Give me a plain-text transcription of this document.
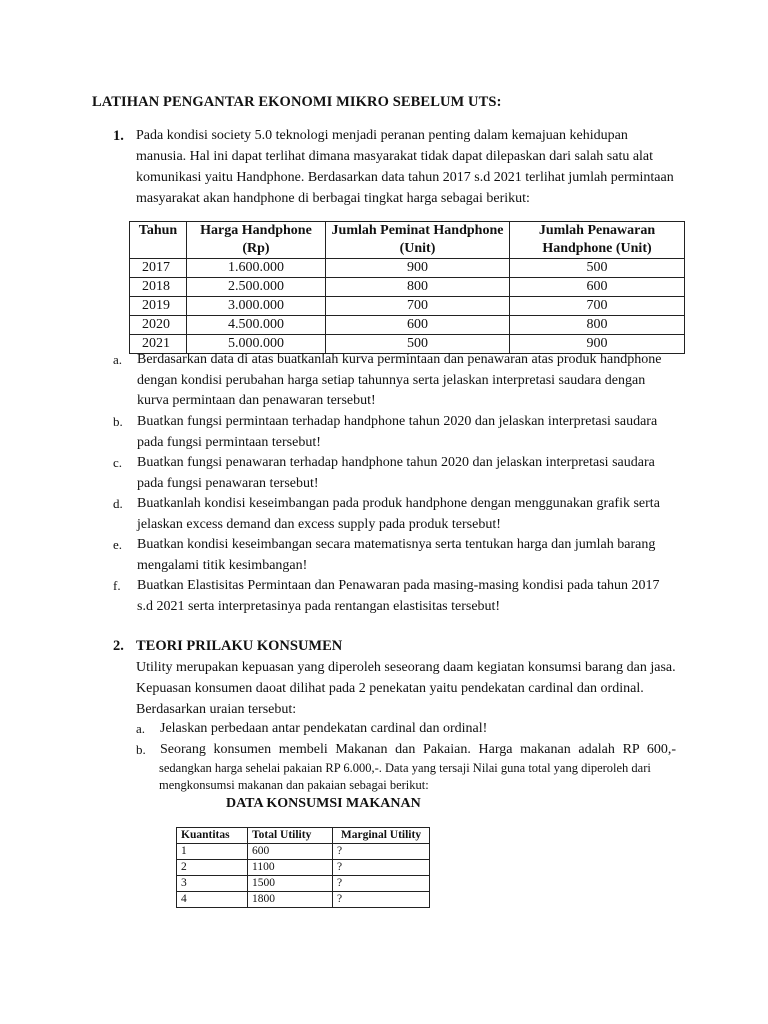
LATIHAN PENGANTAR EKONOMI MIKRO SEBELUM UTS:
1. Pada kondisi society 5.0 teknologi menjadi peranan penting dalam kemajuan kehidupan manusia. Hal ini dapat terlihat dimana masyarakat tidak dapat dilepaskan dari salah satu alat komunikasi yaitu Handphone. Berdasarkan data tahun 2017 s.d 2021 terlihat jumlah permintaan masyarakat akan handphone di berbagai tingkat harga sebagai berikut:
Tahun	Harga Handphone (Rp)	Jumlah Peminat Handphone (Unit)	Jumlah Penawaran Handphone (Unit)
2017	1.600.000	900	500
2018	2.500.000	800	600
2019	3.000.000	700	700
2020	4.500.000	600	800
2021	5.000.000	500	900
a.	Berdasarkan data di atas buatkanlah kurva permintaan dan penawaran atas produk handphone dengan kondisi perubahan harga setiap tahunnya serta jelaskan interpretasi saudara dengan kurva permintaan dan penawaran tersebut!
b.	Buatkan fungsi permintaan terhadap handphone tahun 2020 dan jelaskan interpretasi saudara pada fungsi permintaan tersebut!
c.	Buatkan fungsi penawaran terhadap handphone tahun 2020 dan jelaskan interpretasi saudara pada fungsi penawaran tersebut!
d.	Buatkanlah kondisi keseimbangan pada produk handphone dengan menggunakan grafik serta jelaskan excess demand dan excess supply pada produk tersebut!
e.	Buatkan kondisi keseimbangan secara matematisnya serta tentukan harga dan jumlah barang mengalami titik kesimbangan!
f.	Buatkan Elastisitas Permintaan dan Penawaran pada masing-masing kondisi pada tahun 2017 s.d 2021 serta interpretasinya pada rentangan elastisitas tersebut!
2. TEORI PRILAKU KONSUMEN
Utility merupakan kepuasan yang diperoleh seseorang daam kegiatan konsumsi barang dan jasa. Kepuasan konsumen daoat dilihat pada 2 penekatan yaitu pendekatan cardinal dan ordinal. Berdasarkan uraian tersebut:
a.	Jelaskan perbedaan antar pendekatan cardinal dan ordinal!
b.	Seorang konsumen membeli Makanan dan Pakaian. Harga makanan adalah RP 600,-
sedangkan harga sehelai pakaian RP 6.000,-. Data yang tersaji Nilai guna total yang diperoleh dari mengkonsumsi makanan dan pakaian sebagai berikut:
DATA KONSUMSI MAKANAN
Kuantitas	Total Utility	Marginal Utility
1	600	?
2	1100	?
3	1500	?
4	1800	?
